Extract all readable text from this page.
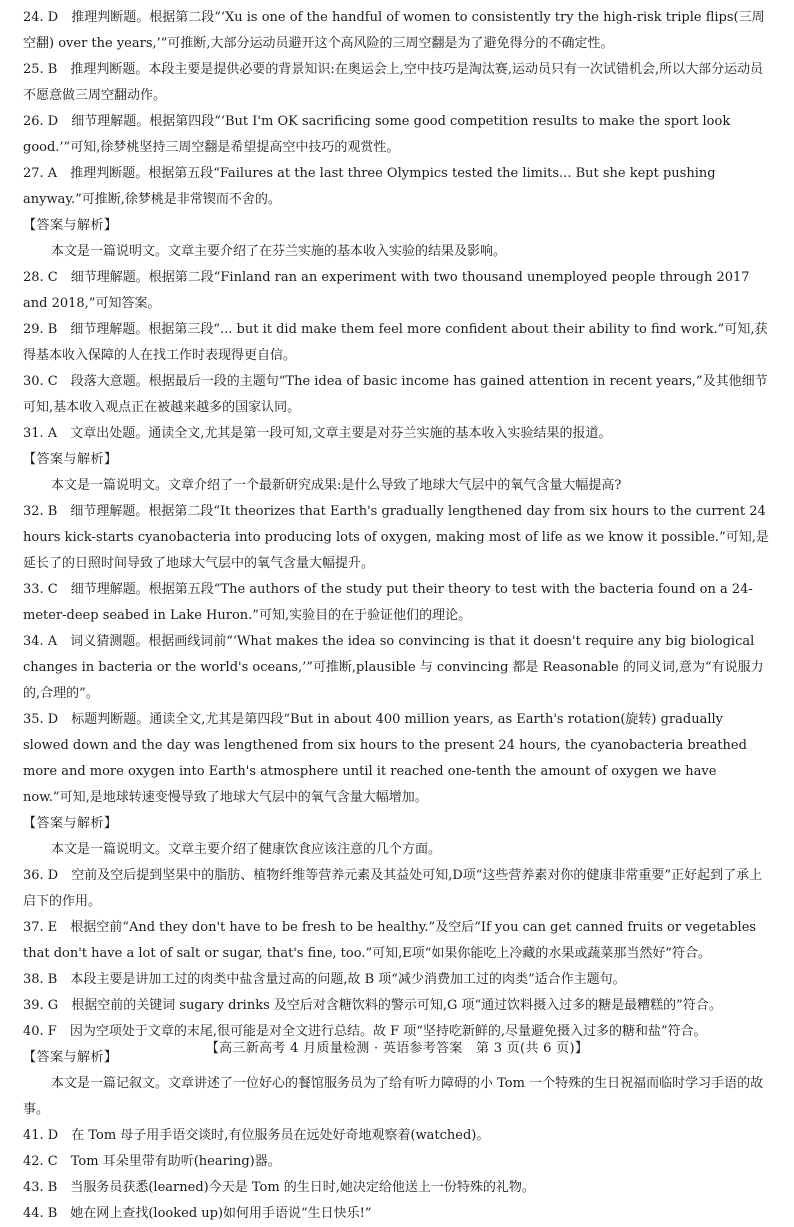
24. D　推理判断题。根据第二段“‘Xu is one of the handful of women to consistently try the high-risk triple flips(三周空翻) over the years,’”可推断,大部分运动员避开这个高风险的三周空翻是为了避免得分的不确定性。

25. B　推理判断题。本段主要是提供必要的背景知识:在奥运会上,空中技巧是淘汰赛,运动员只有一次试错机会,所以大部分运动员不愿意做三周空翻动作。

26. D　细节理解题。根据第四段“‘But I'm OK sacrificing some good competition results to make the sport look good.’”可知,徐梦桃坚持三周空翻是希望提高空中技巧的观赏性。

27. A　推理判断题。根据第五段“Failures at the last three Olympics tested the limits... But she kept pushing anyway.”可推断,徐梦桃是非常锲而不舍的。

【答案与解析】

本文是一篇说明文。文章主要介绍了在芬兰实施的基本收入实验的结果及影响。

28. C　细节理解题。根据第二段“Finland ran an experiment with two thousand unemployed people through 2017 and 2018,”可知答案。

29. B　细节理解题。根据第三段“... but it did make them feel more confident about their ability to find work.”可知,获得基本收入保障的人在找工作时表现得更自信。

30. C　段落大意题。根据最后一段的主题句“The idea of basic income has gained attention in recent years,”及其他细节可知,基本收入观点正在被越来越多的国家认同。

31. A　文章出处题。通读全文,尤其是第一段可知,文章主要是对芬兰实施的基本收入实验结果的报道。

【答案与解析】

本文是一篇说明文。文章介绍了一个最新研究成果:是什么导致了地球大气层中的氧气含量大幅提高?

32. B　细节理解题。根据第二段“It theorizes that Earth's gradually lengthened day from six hours to the current 24 hours kick-starts cyanobacteria into producing lots of oxygen, making most of life as we know it possible.”可知,是延长了的日照时间导致了地球大气层中的氧气含量大幅提升。

33. C　细节理解题。根据第五段“The authors of the study put their theory to test with the bacteria found on a 24-meter-deep seabed in Lake Huron.”可知,实验目的在于验证他们的理论。

34. A　词义猜测题。根据画线词前“‘What makes the idea so convincing is that it doesn't require any big biological changes in bacteria or the world's oceans,’”可推断,plausible 与 convincing 都是 Reasonable 的同义词,意为“有说服力的,合理的”。

35. D　标题判断题。通读全文,尤其是第四段“But in about 400 million years, as Earth's rotation(旋转) gradually slowed down and the day was lengthened from six hours to the present 24 hours, the cyanobacteria breathed more and more oxygen into Earth's atmosphere until it reached one-tenth the amount of oxygen we have now.”可知,是地球转速变慢导致了地球大气层中的氧气含量大幅增加。

【答案与解析】

本文是一篇说明文。文章主要介绍了健康饮食应该注意的几个方面。

36. D　空前及空后提到坚果中的脂肪、植物纤维等营养元素及其益处可知,D项“这些营养素对你的健康非常重要”正好起到了承上启下的作用。

37. E　根据空前“And they don't have to be fresh to be healthy.”及空后“If you can get canned fruits or vegetables that don't have a lot of salt or sugar, that's fine, too.”可知,E项“如果你能吃上冷藏的水果或蔬菜那当然好”符合。

38. B　本段主要是讲加工过的肉类中盐含量过高的问题,故 B 项“减少消费加工过的肉类”适合作主题句。

39. G　根据空前的关键词 sugary drinks 及空后对含糖饮料的警示可知,G 项“通过饮料摄入过多的糖是最糟糕的”符合。

40. F　因为空项处于文章的末尾,很可能是对全文进行总结。故 F 项“坚持吃新鲜的,尽量避免摄入过多的糖和盐”符合。

【答案与解析】

本文是一篇记叙文。文章讲述了一位好心的餐馆服务员为了给有听力障碍的小 Tom 一个特殊的生日祝福而临时学习手语的故事。

41. D　在 Tom 母子用手语交谈时,有位服务员在远处好奇地观察着(watched)。

42. C　Tom 耳朵里带有助听(hearing)器。

43. B　当服务员获悉(learned)今天是 Tom 的生日时,她决定给他送上一份特殊的礼物。

44. B　她在网上查找(looked up)如何用手语说“生日快乐!”

【高三新高考 4 月质量检测 · 英语参考答案　第 3 页(共 6 页)】
